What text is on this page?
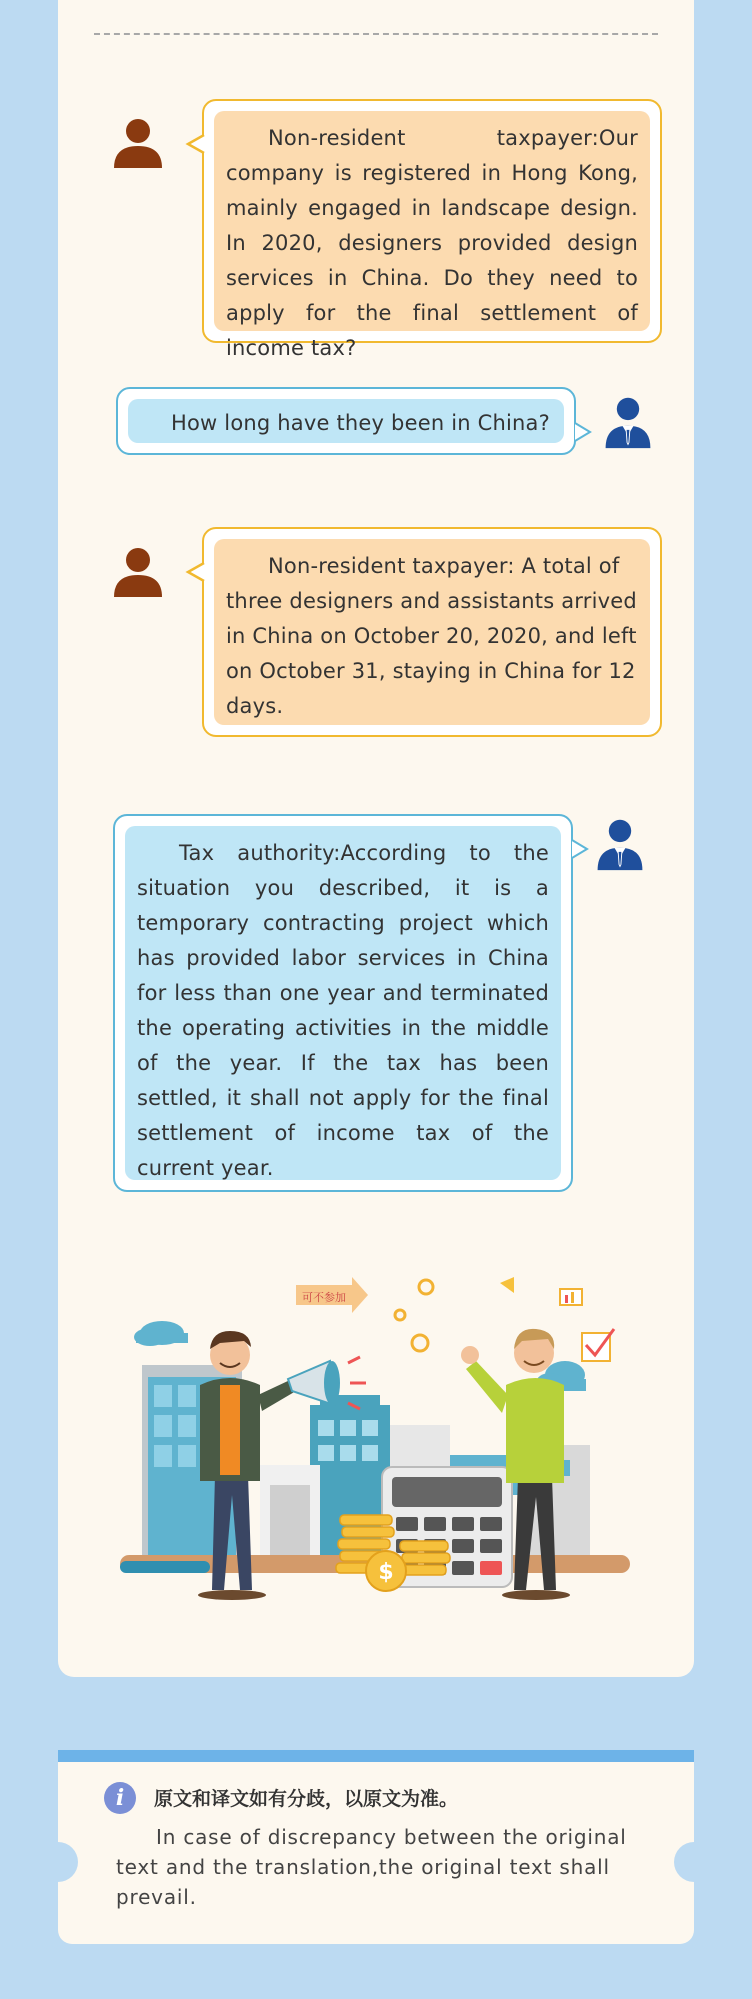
Non-resident taxpayer:Our company is registered in Hong Kong, mainly engaged in landscape design. In 2020, designers provided design services in China. Do they need to apply for the final settlement of income tax?
How long have they been in China?
Non-resident taxpayer: A total of three designers and assistants arrived in China on October 20, 2020, and left on October 31, staying in China for 12 days.
Tax authority:According to the situation you described, it is a temporary contracting project which has provided labor services in China for less than one year and terminated the operating activities in the middle of the year. If the tax has been settled, it shall not apply for the final settlement of income tax of the current year.
$
可不参加
i	原文和译文如有分歧，以原文为准。
In case of discrepancy between the original text and the translation,the original text shall prevail.
